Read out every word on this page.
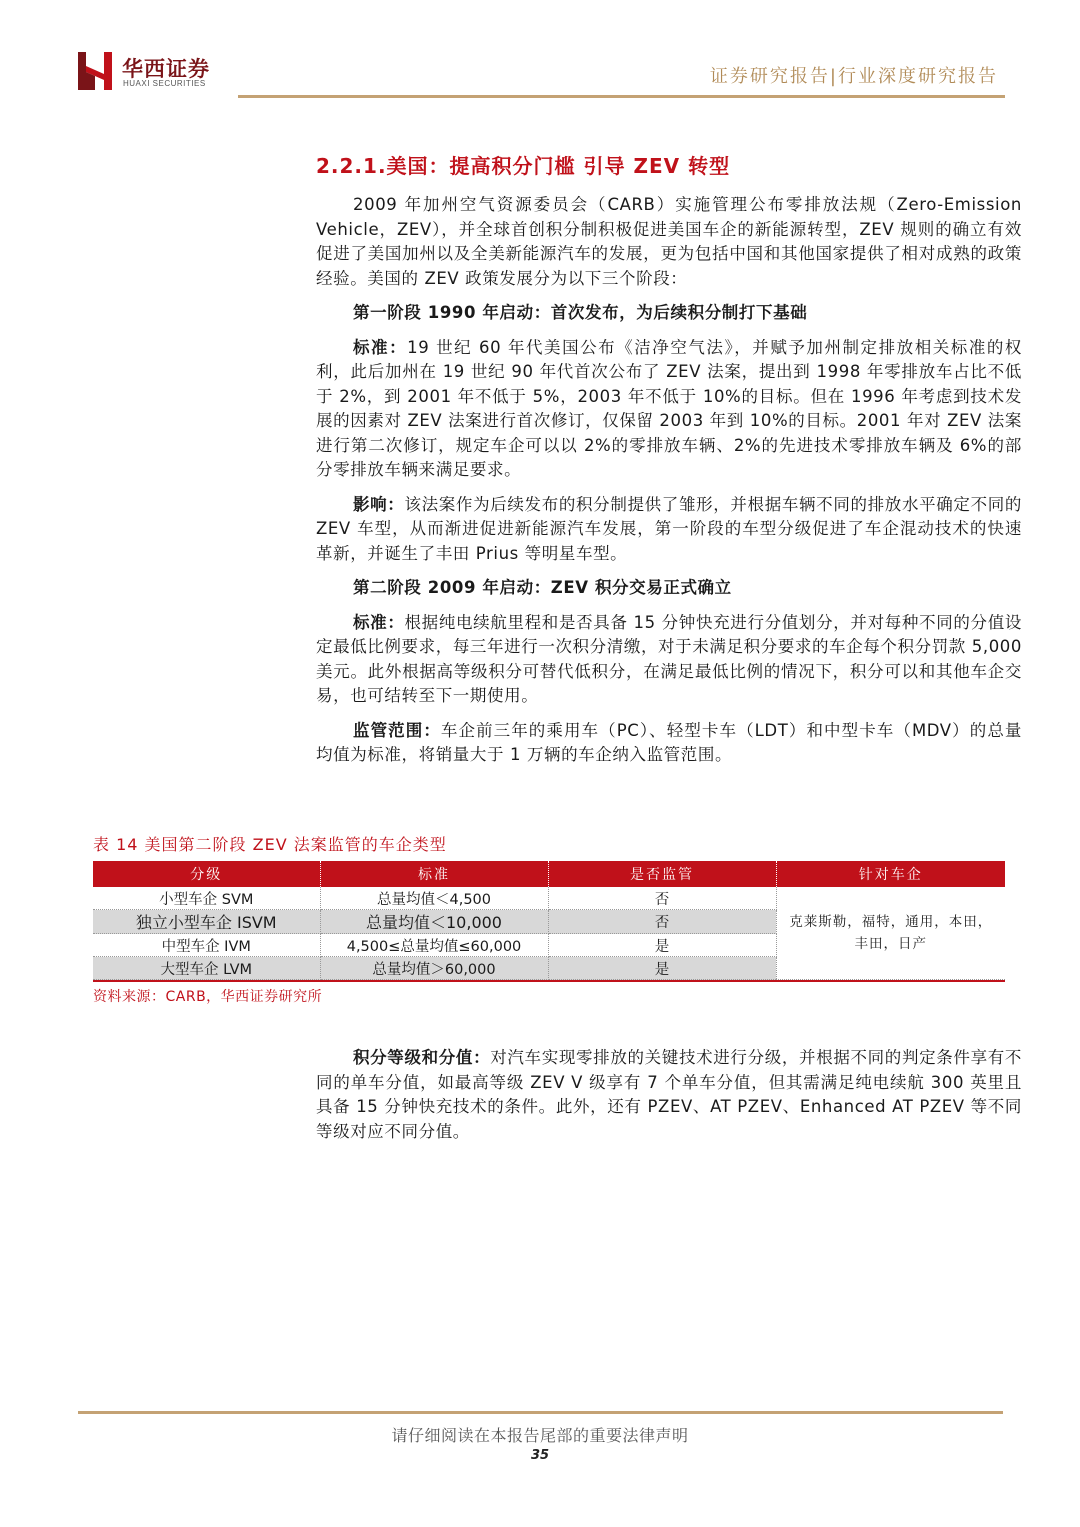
华西证券
HUAXI SECURITIES	证券研究报告|行业深度研究报告
2.2.1.美国：提高积分门槛 引导 ZEV 转型

2009 年加州空气资源委员会（CARB）实施管理公布零排放法规（Zero-Emission Vehicle，ZEV），并全球首创积分制积极促进美国车企的新能源转型，ZEV 规则的确立有效促进了美国加州以及全美新能源汽车的发展，更为包括中国和其他国家提供了相对成熟的政策经验。美国的 ZEV 政策发展分为以下三个阶段：

第一阶段 1990 年启动：首次发布，为后续积分制打下基础

标准：19 世纪 60 年代美国公布《洁净空气法》，并赋予加州制定排放相关标准的权利，此后加州在 19 世纪 90 年代首次公布了 ZEV 法案，提出到 1998 年零排放车占比不低于 2%，到 2001 年不低于 5%，2003 年不低于 10%的目标。但在 1996 年考虑到技术发展的因素对 ZEV 法案进行首次修订，仅保留 2003 年到 10%的目标。2001 年对 ZEV 法案进行第二次修订，规定车企可以以 2%的零排放车辆、2%的先进技术零排放车辆及 6%的部分零排放车辆来满足要求。

影响：该法案作为后续发布的积分制提供了雏形，并根据车辆不同的排放水平确定不同的 ZEV 车型，从而渐进促进新能源汽车发展，第一阶段的车型分级促进了车企混动技术的快速革新，并诞生了丰田 Prius 等明星车型。

第二阶段 2009 年启动：ZEV 积分交易正式确立

标准：根据纯电续航里程和是否具备 15 分钟快充进行分值划分，并对每种不同的分值设定最低比例要求，每三年进行一次积分清缴，对于未满足积分要求的车企每个积分罚款 5,000 美元。此外根据高等级积分可替代低积分，在满足最低比例的情况下，积分可以和其他车企交易，也可结转至下一期使用。

监管范围：车企前三年的乘用车（PC）、轻型卡车（LDT）和中型卡车（MDV）的总量均值为标准，将销量大于 1 万辆的车企纳入监管范围。

表 14 美国第二阶段 ZEV 法案监管的车企类型
分级	标准	是否监管	针对车企
小型车企 SVM	总量均值＜4,500	否	克莱斯勒，福特，通用，本田，丰田，日产
独立小型车企 ISVM	总量均值＜10,000	否	
中型车企 IVM	4,500≤总量均值≤60,000	是	
大型车企 LVM	总量均值＞60,000	是	
资料来源：CARB，华西证券研究所

积分等级和分值：对汽车实现零排放的关键技术进行分级，并根据不同的判定条件享有不同的单车分值，如最高等级 ZEV V 级享有 7 个单车分值，但其需满足纯电续航 300 英里且具备 15 分钟快充技术的条件。此外，还有 PZEV、AT PZEV、Enhanced AT PZEV 等不同等级对应不同分值。

请仔细阅读在本报告尾部的重要法律声明
35
